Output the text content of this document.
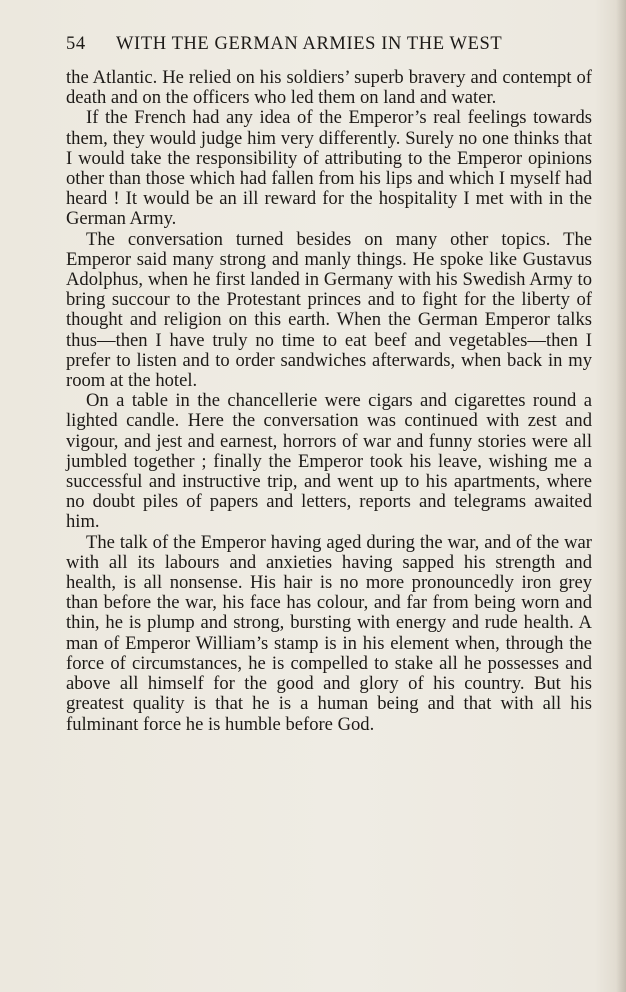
54 WITH THE GERMAN ARMIES IN THE WEST

the Atlantic. He relied on his soldiers’ superb bravery and contempt of death and on the officers who led them on land and water.

If the French had any idea of the Emperor’s real feelings towards them, they would judge him very differently. Surely no one thinks that I would take the responsibility of attributing to the Emperor opinions other than those which had fallen from his lips and which I myself had heard ! It would be an ill reward for the hospitality I met with in the German Army.

The conversation turned besides on many other topics. The Emperor said many strong and manly things. He spoke like Gustavus Adolphus, when he first landed in Germany with his Swedish Army to bring succour to the Protestant princes and to fight for the liberty of thought and religion on this earth. When the German Emperor talks thus—then I have truly no time to eat beef and vegetables—then I prefer to listen and to order sandwiches afterwards, when back in my room at the hotel.

On a table in the chancellerie were cigars and cigarettes round a lighted candle. Here the conversation was continued with zest and vigour, and jest and earnest, horrors of war and funny stories were all jumbled together ; finally the Emperor took his leave, wishing me a successful and instructive trip, and went up to his apartments, where no doubt piles of papers and letters, reports and telegrams awaited him.

The talk of the Emperor having aged during the war, and of the war with all its labours and anxieties having sapped his strength and health, is all nonsense. His hair is no more pronouncedly iron grey than before the war, his face has colour, and far from being worn and thin, he is plump and strong, bursting with energy and rude health. A man of Emperor William’s stamp is in his element when, through the force of circumstances, he is compelled to stake all he possesses and above all himself for the good and glory of his country. But his greatest quality is that he is a human being and that with all his fulminant force he is humble before God.
